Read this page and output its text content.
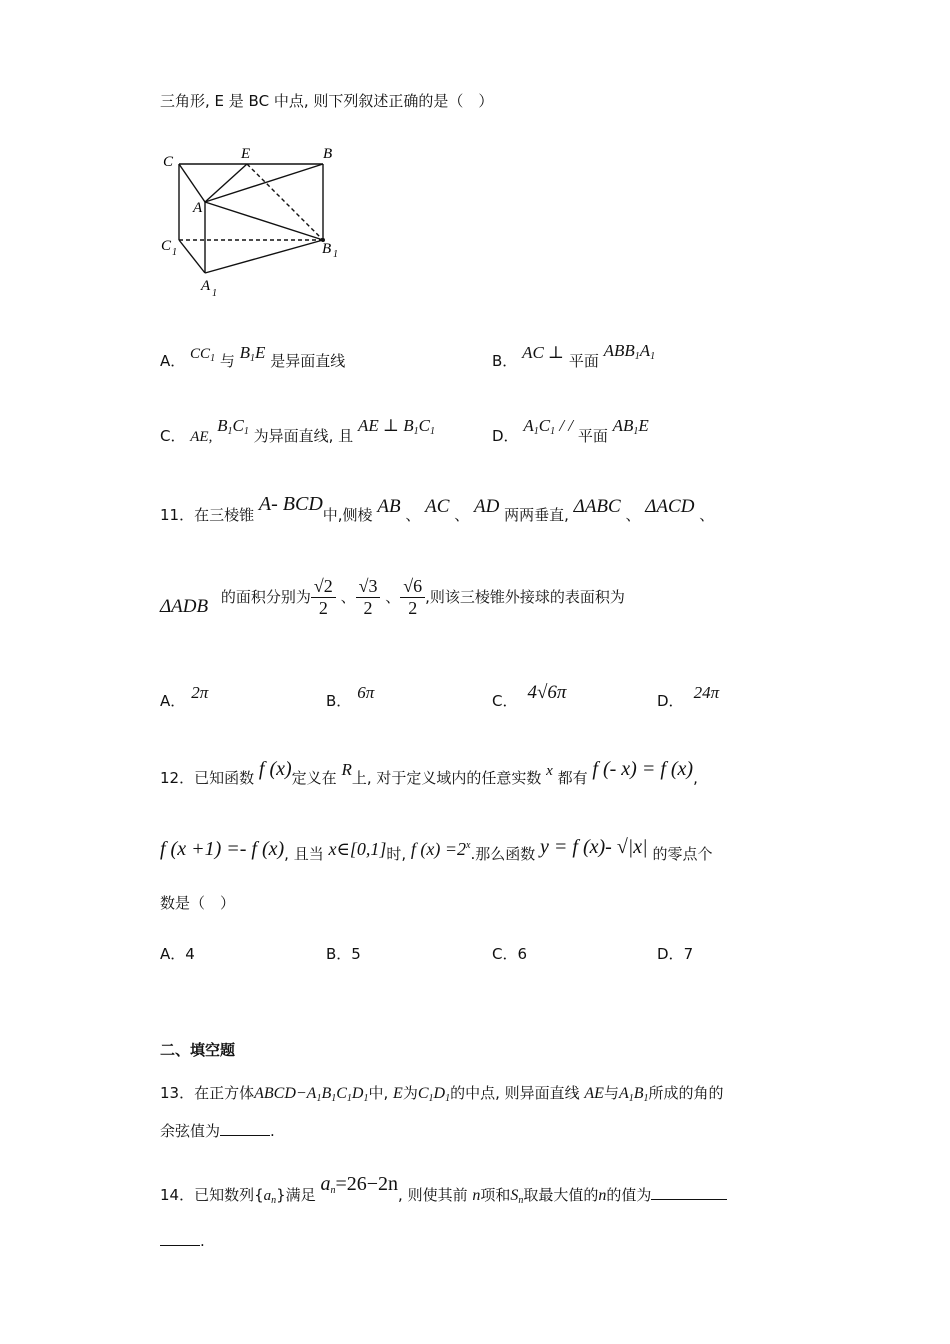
三角形, E 是 BC 中点, 则下列叙述正确的是（　）
C	E	B
A
C 1	B 1
A 1
A． $CC_1$ 与 $B_1E$ 是异面直线	B． AC ⊥ 平面 $ABB_1A_1$
C． AE, $B_1C_1$ 为异面直线, 且 AE ⊥ $B_1C_1$	D． $A_1C_1$ / / 平面 $AB_1E$
11．在三棱锥 A- BCD中,侧棱 AB 、 AC 、 AD 两两垂直, ΔABC 、 ΔACD 、
ΔADB 的面积分别为 $\frac{√2}{2}$ 、 $\frac{√3}{2}$ 、 $\frac{√6}{2}$ ,则该三棱锥外接球的表面积为
A． 2π	B． 6π	C． 4√6π	D． 24π
12．已知函数 f (x)定义在 R上, 对于定义域内的任意实数 x 都有 f (- x) = f (x),
f (x +1) =- f (x), 且当 x∈[0,1]时, f $(x) =2^x$.那么函数 y = f (x)- √|x| 的零点个
数是（　）
A．4	B．5	C．6	D．7
二、填空题
13．在正方体$ABCD-A_1B_1C_1D_1$中, E为$C_1D_1$的中点, 则异面直线 AE与$A_1B_1$所成的角的
余弦值为	.
14．已知数列$\{a_n\}$满足 $a_n=26-2n$, 则使其前 n项和$S_n$取最大值的n的值为
.
